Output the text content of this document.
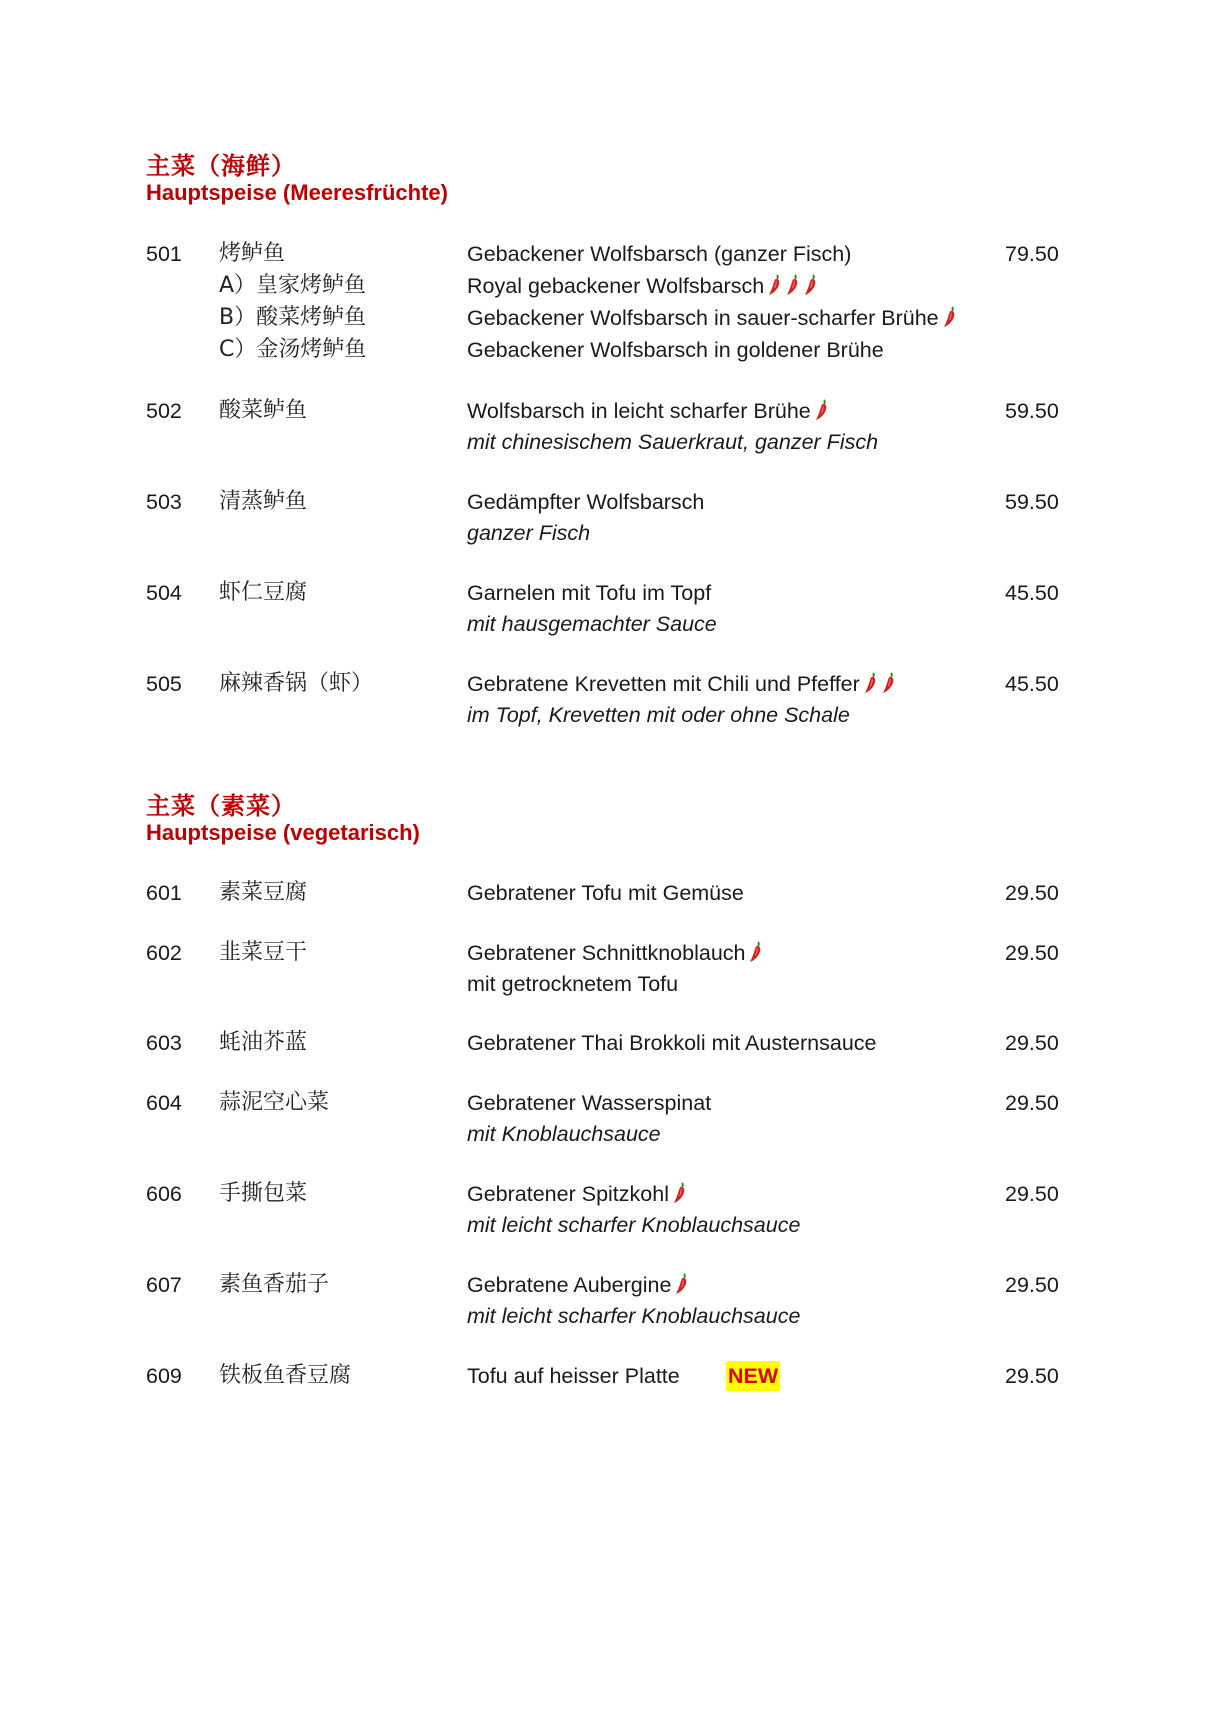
主菜（海鲜）
Hauptspeise (Meeresfrüchte)
501 烤鲈鱼	Gebackener Wolfsbarsch (ganzer Fisch)	79.50
A）皇家烤鲈鱼	Royal gebackener Wolfsbarsch
B）酸菜烤鲈鱼	Gebackener Wolfsbarsch in sauer-scharfer Brühe
C）金汤烤鲈鱼	Gebackener Wolfsbarsch in goldener Brühe
502 酸菜鲈鱼	Wolfsbarsch in leicht scharfer Brühe	59.50
mit chinesischem Sauerkraut, ganzer Fisch
503 清蒸鲈鱼	Gedämpfter Wolfsbarsch	59.50
ganzer Fisch
504 虾仁豆腐	Garnelen mit Tofu im Topf	45.50
mit hausgemachter Sauce
505 麻辣香锅（虾）	Gebratene Krevetten mit Chili und Pfeffer	45.50
im Topf, Krevetten mit oder ohne Schale
主菜（素菜）
Hauptspeise (vegetarisch)
601 素菜豆腐	Gebratener Tofu mit Gemüse	29.50
602 韭菜豆干	Gebratener Schnittknoblauch	29.50
mit getrocknetem Tofu
603 蚝油芥蓝	Gebratener Thai Brokkoli mit Austernsauce	29.50
604 蒜泥空心菜	Gebratener Wasserspinat	29.50
mit Knoblauchsauce
606 手撕包菜	Gebratener Spitzkohl	29.50
mit leicht scharfer Knoblauchsauce
607 素鱼香茄子	Gebratene Aubergine	29.50
mit leicht scharfer Knoblauchsauce
609 铁板鱼香豆腐	Tofu auf heisser Platte NEW	29.50
